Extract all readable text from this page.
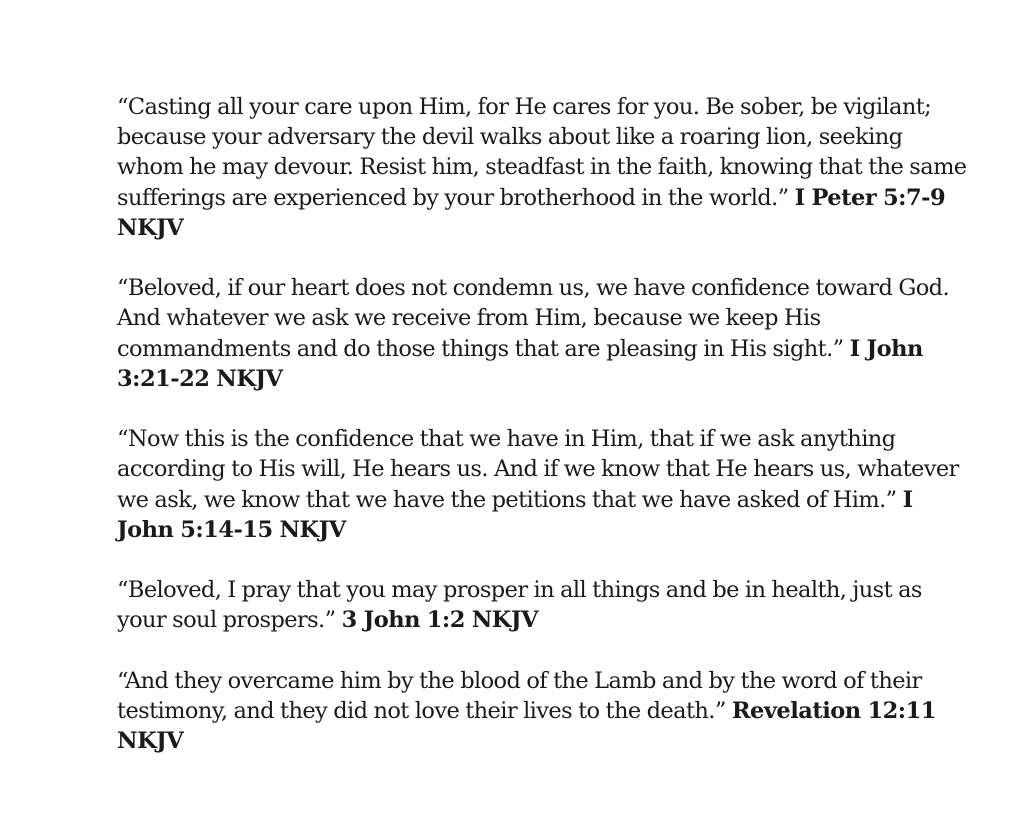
“Casting all your care upon Him, for He cares for you. Be sober, be vigilant;
because your adversary the devil walks about like a roaring lion, seeking
whom he may devour. Resist him, steadfast in the faith, knowing that the same
sufferings are experienced by your brotherhood in the world.” I Peter 5:7-9
NKJV

“Beloved, if our heart does not condemn us, we have confidence toward God.
And whatever we ask we receive from Him, because we keep His
commandments and do those things that are pleasing in His sight.” I John
3:21-22 NKJV

“Now this is the confidence that we have in Him, that if we ask anything
according to His will, He hears us. And if we know that He hears us, whatever
we ask, we know that we have the petitions that we have asked of Him.” I
John 5:14-15 NKJV

“Beloved, I pray that you may prosper in all things and be in health, just as
your soul prospers.” 3 John 1:2 NKJV

“And they overcame him by the blood of the Lamb and by the word of their
testimony, and they did not love their lives to the death.” Revelation 12:11
NKJV
